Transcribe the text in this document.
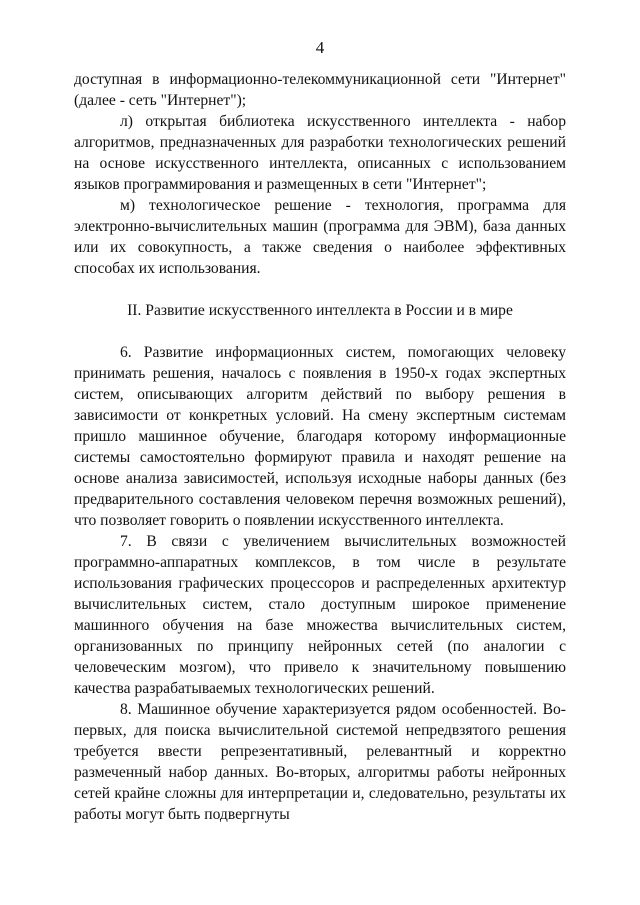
4

доступная в информационно-телекоммуникационной сети "Интернет" (далее - сеть "Интернет");

л) открытая библиотека искусственного интеллекта - набор алгоритмов, предназначенных для разработки технологических решений на основе искусственного интеллекта, описанных с использованием языков программирования и размещенных в сети "Интернет";

м) технологическое решение - технология, программа для электронно-вычислительных машин (программа для ЭВМ), база данных или их совокупность, а также сведения о наиболее эффективных способах их использования.

II. Развитие искусственного интеллекта в России и в мире

6. Развитие информационных систем, помогающих человеку принимать решения, началось с появления в 1950-х годах экспертных систем, описывающих алгоритм действий по выбору решения в зависимости от конкретных условий. На смену экспертным системам пришло машинное обучение, благодаря которому информационные системы самостоятельно формируют правила и находят решение на основе анализа зависимостей, используя исходные наборы данных (без предварительного составления человеком перечня возможных решений), что позволяет говорить о появлении искусственного интеллекта.

7. В связи с увеличением вычислительных возможностей программно-аппаратных комплексов, в том числе в результате использования графических процессоров и распределенных архитектур вычислительных систем, стало доступным широкое применение машинного обучения на базе множества вычислительных систем, организованных по принципу нейронных сетей (по аналогии с человеческим мозгом), что привело к значительному повышению качества разрабатываемых технологических решений.

8. Машинное обучение характеризуется рядом особенностей. Во-первых, для поиска вычислительной системой непредвзятого решения требуется ввести репрезентативный, релевантный и корректно размеченный набор данных. Во-вторых, алгоритмы работы нейронных сетей крайне сложны для интерпретации и, следовательно, результаты их работы могут быть подвергнуты
